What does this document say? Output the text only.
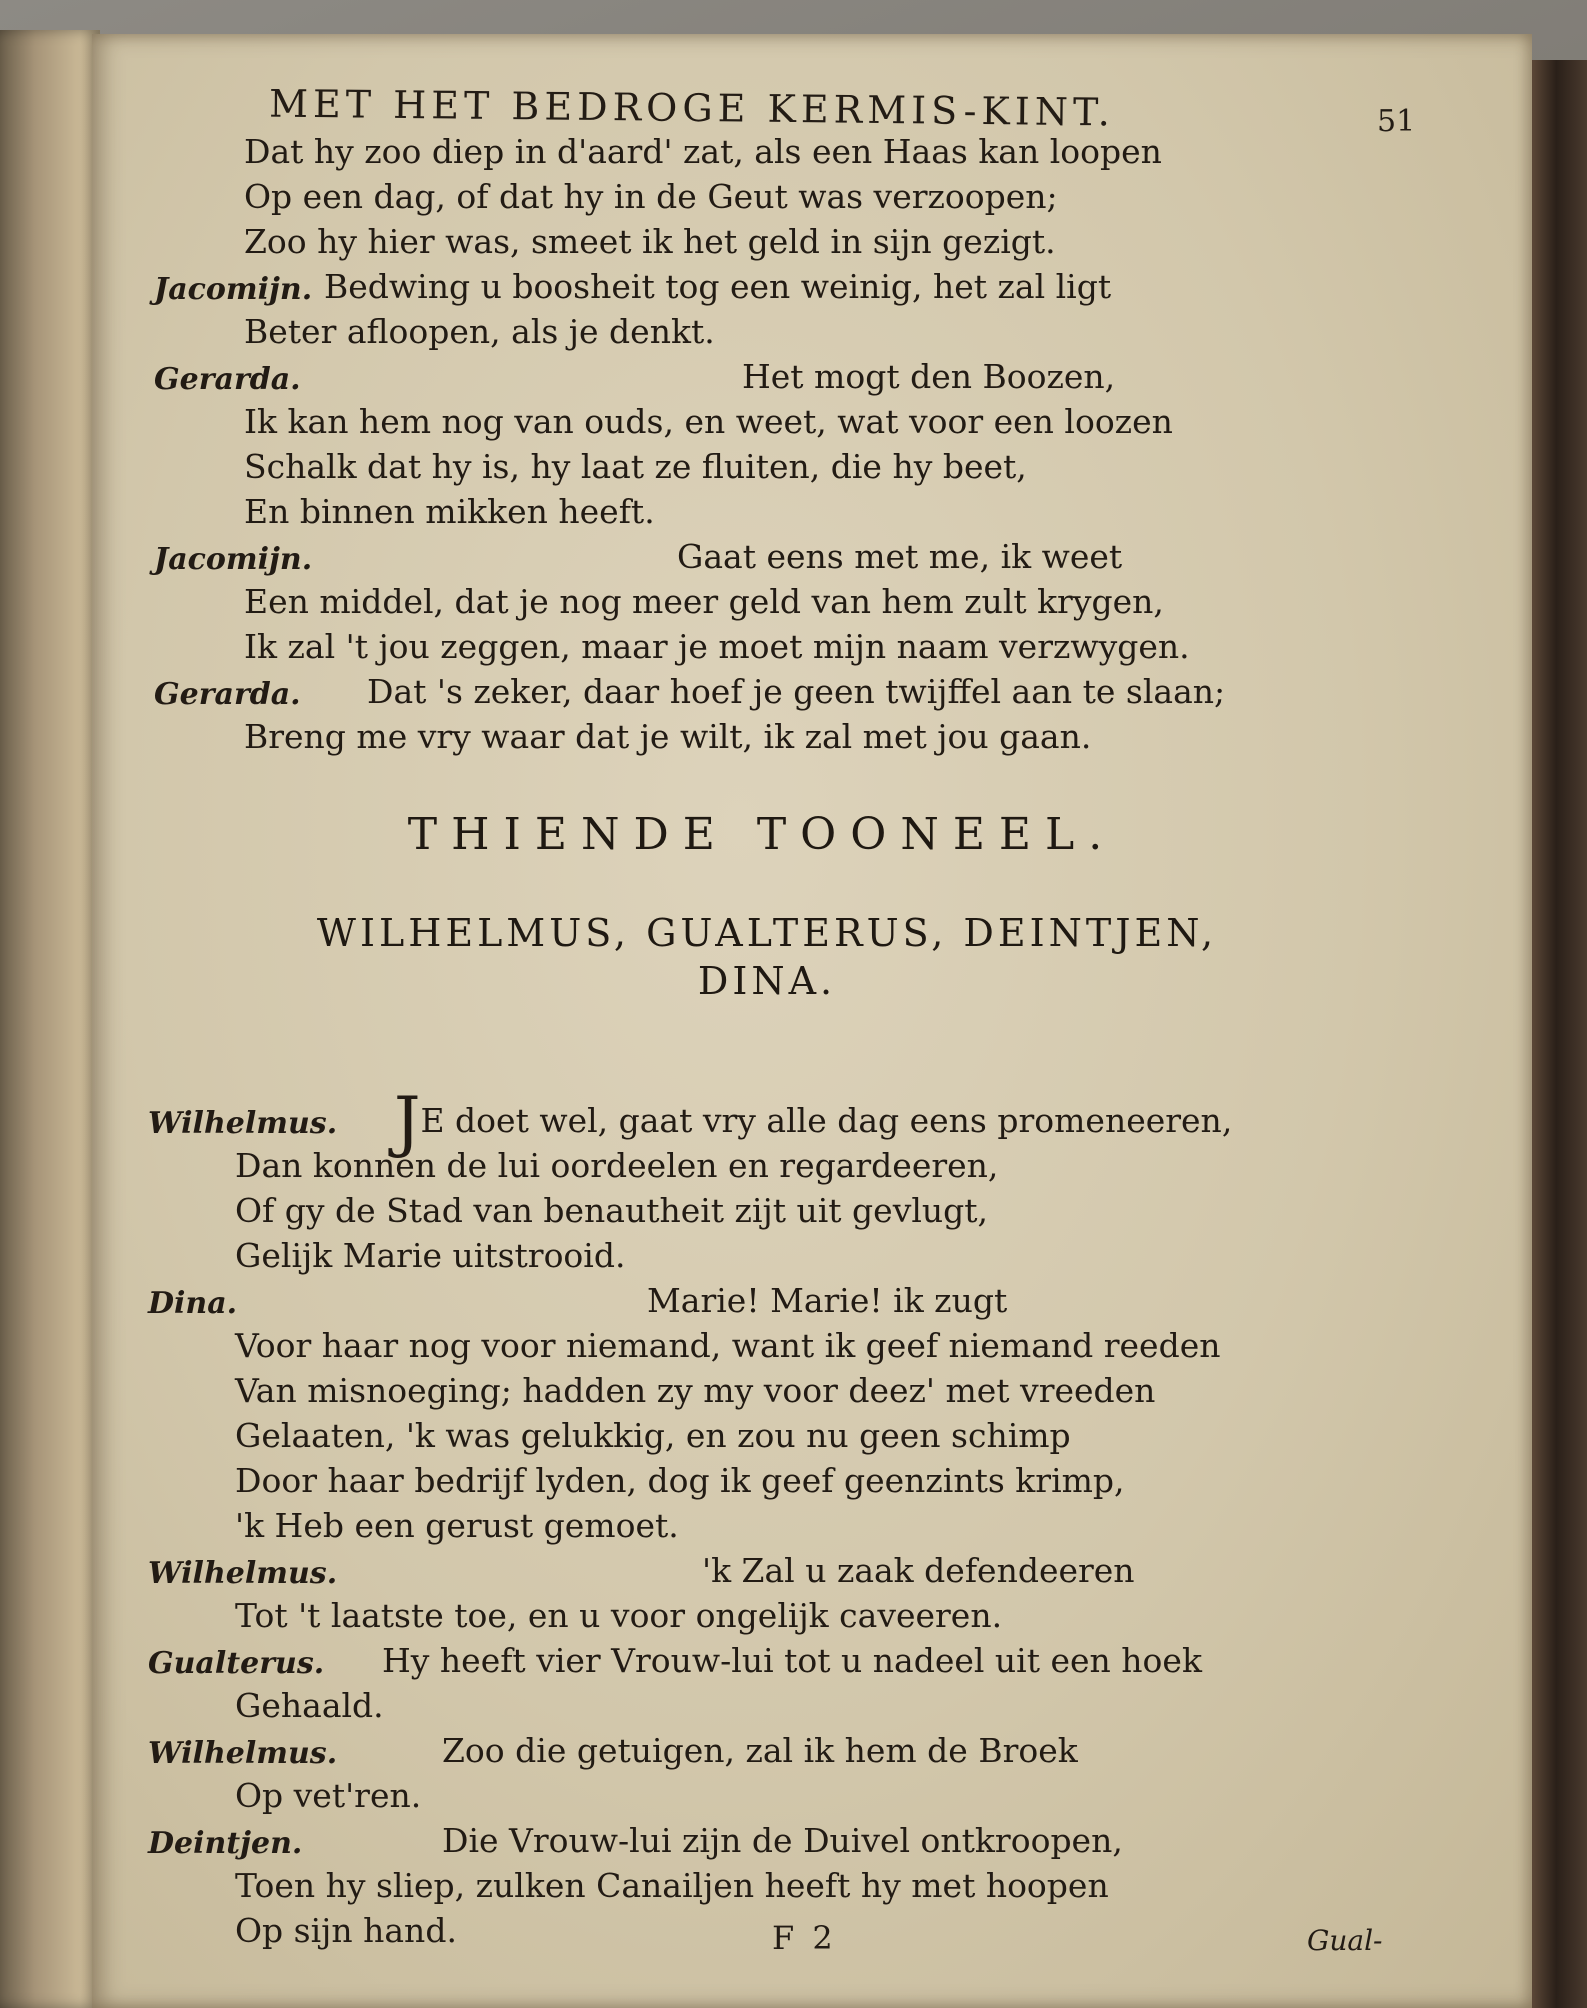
MET HET BEDROGE KERMIS-KINT.	51
Dat hy zoo diep in d'aard' zat, als een Haas kan loopen
Op een dag, of dat hy in de Geut was verzoopen;
Zoo hy hier was, smeet ik het geld in sijn gezigt.
Jacomijn. Bedwing u boosheit tog een weinig, het zal ligt
Beter afloopen, als je denkt.
Gerarda.	Het mogt den Boozen,
Ik kan hem nog van ouds, en weet, wat voor een loozen
Schalk dat hy is, hy laat ze fluiten, die hy beet,
En binnen mikken heeft.
Jacomijn.	Gaat eens met me, ik weet
Een middel, dat je nog meer geld van hem zult krygen,
Ik zal 't jou zeggen, maar je moet mijn naam verzwygen.
Gerarda. Dat 's zeker, daar hoef je geen twijffel aan te slaan;
Breng me vry waar dat je wilt, ik zal met jou gaan.
THIENDE TOONEEL.
WILHELMUS, GUALTERUS, DEINTJEN,
DINA.
Wilhelmus. JE doet wel, gaat vry alle dag eens promeneeren,
Dan konnen de lui oordeelen en regardeeren,
Of gy de Stad van benautheit zijt uit gevlugt,
Gelijk Marie uitstrooid.
Dina.	Marie! Marie! ik zugt
Voor haar nog voor niemand, want ik geef niemand reeden
Van misnoeging; hadden zy my voor deez' met vreeden
Gelaaten, 'k was gelukkig, en zou nu geen schimp
Door haar bedrijf lyden, dog ik geef geenzints krimp,
'k Heb een gerust gemoet.
Wilhelmus.	'k Zal u zaak defendeeren
Tot 't laatste toe, en u voor ongelijk caveeren.
Gualterus. Hy heeft vier Vrouw-lui tot u nadeel uit een hoek
Gehaald.
Wilhelmus.	Zoo die getuigen, zal ik hem de Broek
Op vet'ren.
Deintjen.	Die Vrouw-lui zijn de Duivel ontkroopen,
Toen hy sliep, zulken Canailjen heeft hy met hoopen
Op sijn hand.	F 2	Gual-
